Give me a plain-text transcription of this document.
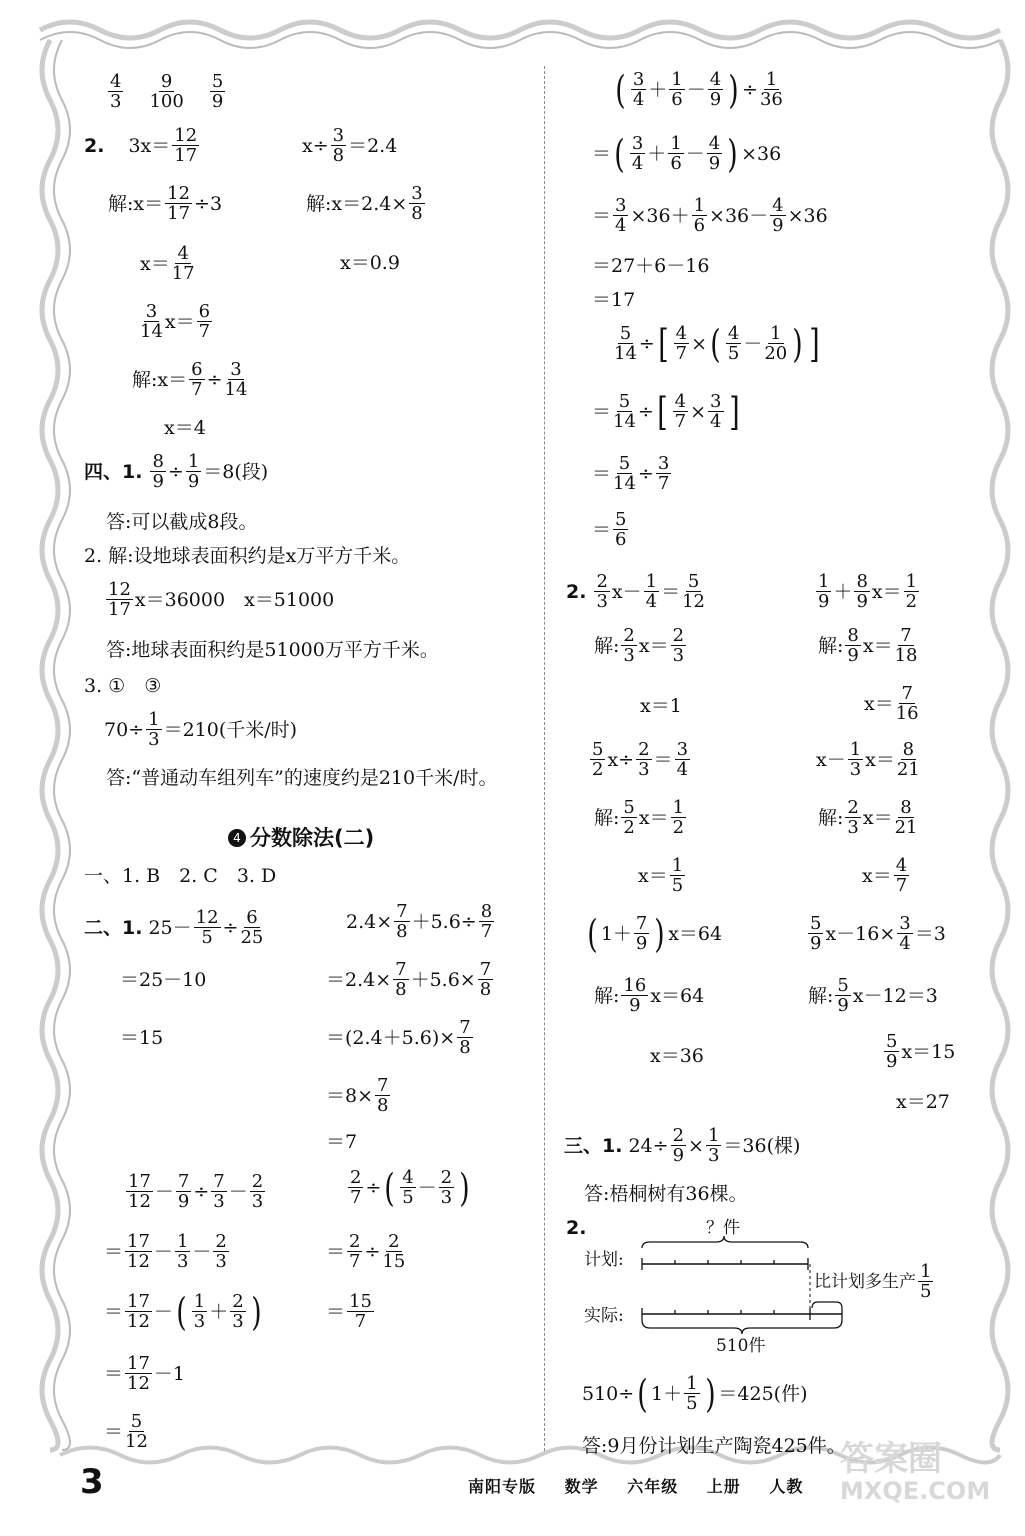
$\frac{4}{3} \frac{9}{100} \frac{5}{9}$
2. $3x= \frac{12}{17}$	$x\div \frac{3}{8} =2.4$
解:x＝ $\frac{12}{17} \div 3$	解:x＝2.4× $\frac{3}{8}$
$x= \frac{4}{17}$	x＝0.9
$\frac{3}{14} x= \frac{6}{7}$
解:x＝ $\frac{6}{7} \div \frac{3}{14}$
x＝4
四、1. $\frac{8}{9} \div \frac{1}{9} =8$(段)
答:可以截成8段。
2. 解:设地球表面积约是x万平方千米。
$\frac{12}{17} x=36000$　x＝51000
答:地球表面积约是51000万平方千米。
3. ①　③
$70\div \frac{1}{3} =210$(千米/时)
答:“普通动车组列车”的速度约是210千米/时。
4 分数除法(二)
一、1. B　2. C　3. D
二、1. $25- \frac{12}{5} \div \frac{6}{25}$
＝25－10
＝15
$2.4\times \frac{7}{8} +5.6\div \frac{8}{7}$
$=2.4\times \frac{7}{8} +5.6\times \frac{7}{8}$
$=(2.4+5.6)\times \frac{7}{8}$
$=8\times \frac{7}{8}$
＝7
$\frac{17}{12} - \frac{7}{9} \div \frac{7}{3} - \frac{2}{3}$
＝ $\frac{17}{12} - \frac{1}{3} - \frac{2}{3}$
＝ $\frac{17}{12}$ － ( $\frac{1}{3} + \frac{2}{3}$ )
＝ $\frac{17}{12} -1$
＝ $\frac{5}{12}$
$\frac{2}{7}$ ÷ ( $\frac{4}{5} - \frac{2}{3}$ )
＝ $\frac{2}{7} \div \frac{2}{15}$
＝ $\frac{15}{7}$
( $\frac{3}{4} + \frac{1}{6} - \frac{4}{9}$ ) ÷ $\frac{1}{36}$
＝ ( $\frac{3}{4} + \frac{1}{6} - \frac{4}{9}$ ) ×36
＝ $\frac{3}{4} \times 36+ \frac{1}{6} \times 36- \frac{4}{9} \times 36$
＝27＋6－16
＝17
$\frac{5}{14}$ ÷ [ $\frac{4}{7}$ × ( $\frac{4}{5} - \frac{1}{20}$ ) ]
＝ $\frac{5}{14}$ ÷ [ $\frac{4}{7} \times \frac{3}{4}$ ]
＝ $\frac{5}{14} \div \frac{3}{7}$
＝ $\frac{5}{6}$
2. $\frac{2}{3} x- \frac{1}{4} = \frac{5}{12}$
解: $\frac{2}{3} x= \frac{2}{3}$
x＝1
$\frac{1}{9} + \frac{8}{9} x= \frac{1}{2}$
解: $\frac{8}{9} x= \frac{7}{18}$
$x= \frac{7}{16}$
$\frac{5}{2} x\div \frac{2}{3} = \frac{3}{4}$
解: $\frac{5}{2} x= \frac{1}{2}$
$x= \frac{1}{5}$
$x- \frac{1}{3} x= \frac{8}{21}$
解: $\frac{2}{3} x= \frac{8}{21}$
$x= \frac{4}{7}$
( $1+ \frac{7}{9}$ ) x＝64
解: $\frac{16}{9} x=64$
x＝36
$\frac{5}{9} x-16\times \frac{3}{4} =3$
解: $\frac{5}{9} x-12=3$
$\frac{5}{9} x=15$
x＝27
三、1. $24\div \frac{2}{9} \times \frac{1}{3} =36$(棵)
答:梧桐树有36棵。
2.	？件
计划:
实际:
比计划多生产 $\frac{1}{5}$
510件
510÷ ( $1+ \frac{1}{5}$ ) ＝425(件)
答:9月份计划生产陶瓷425件。
3	南阳专版 数学 六年级 上册 人教
答案圈
MXQE.COM
